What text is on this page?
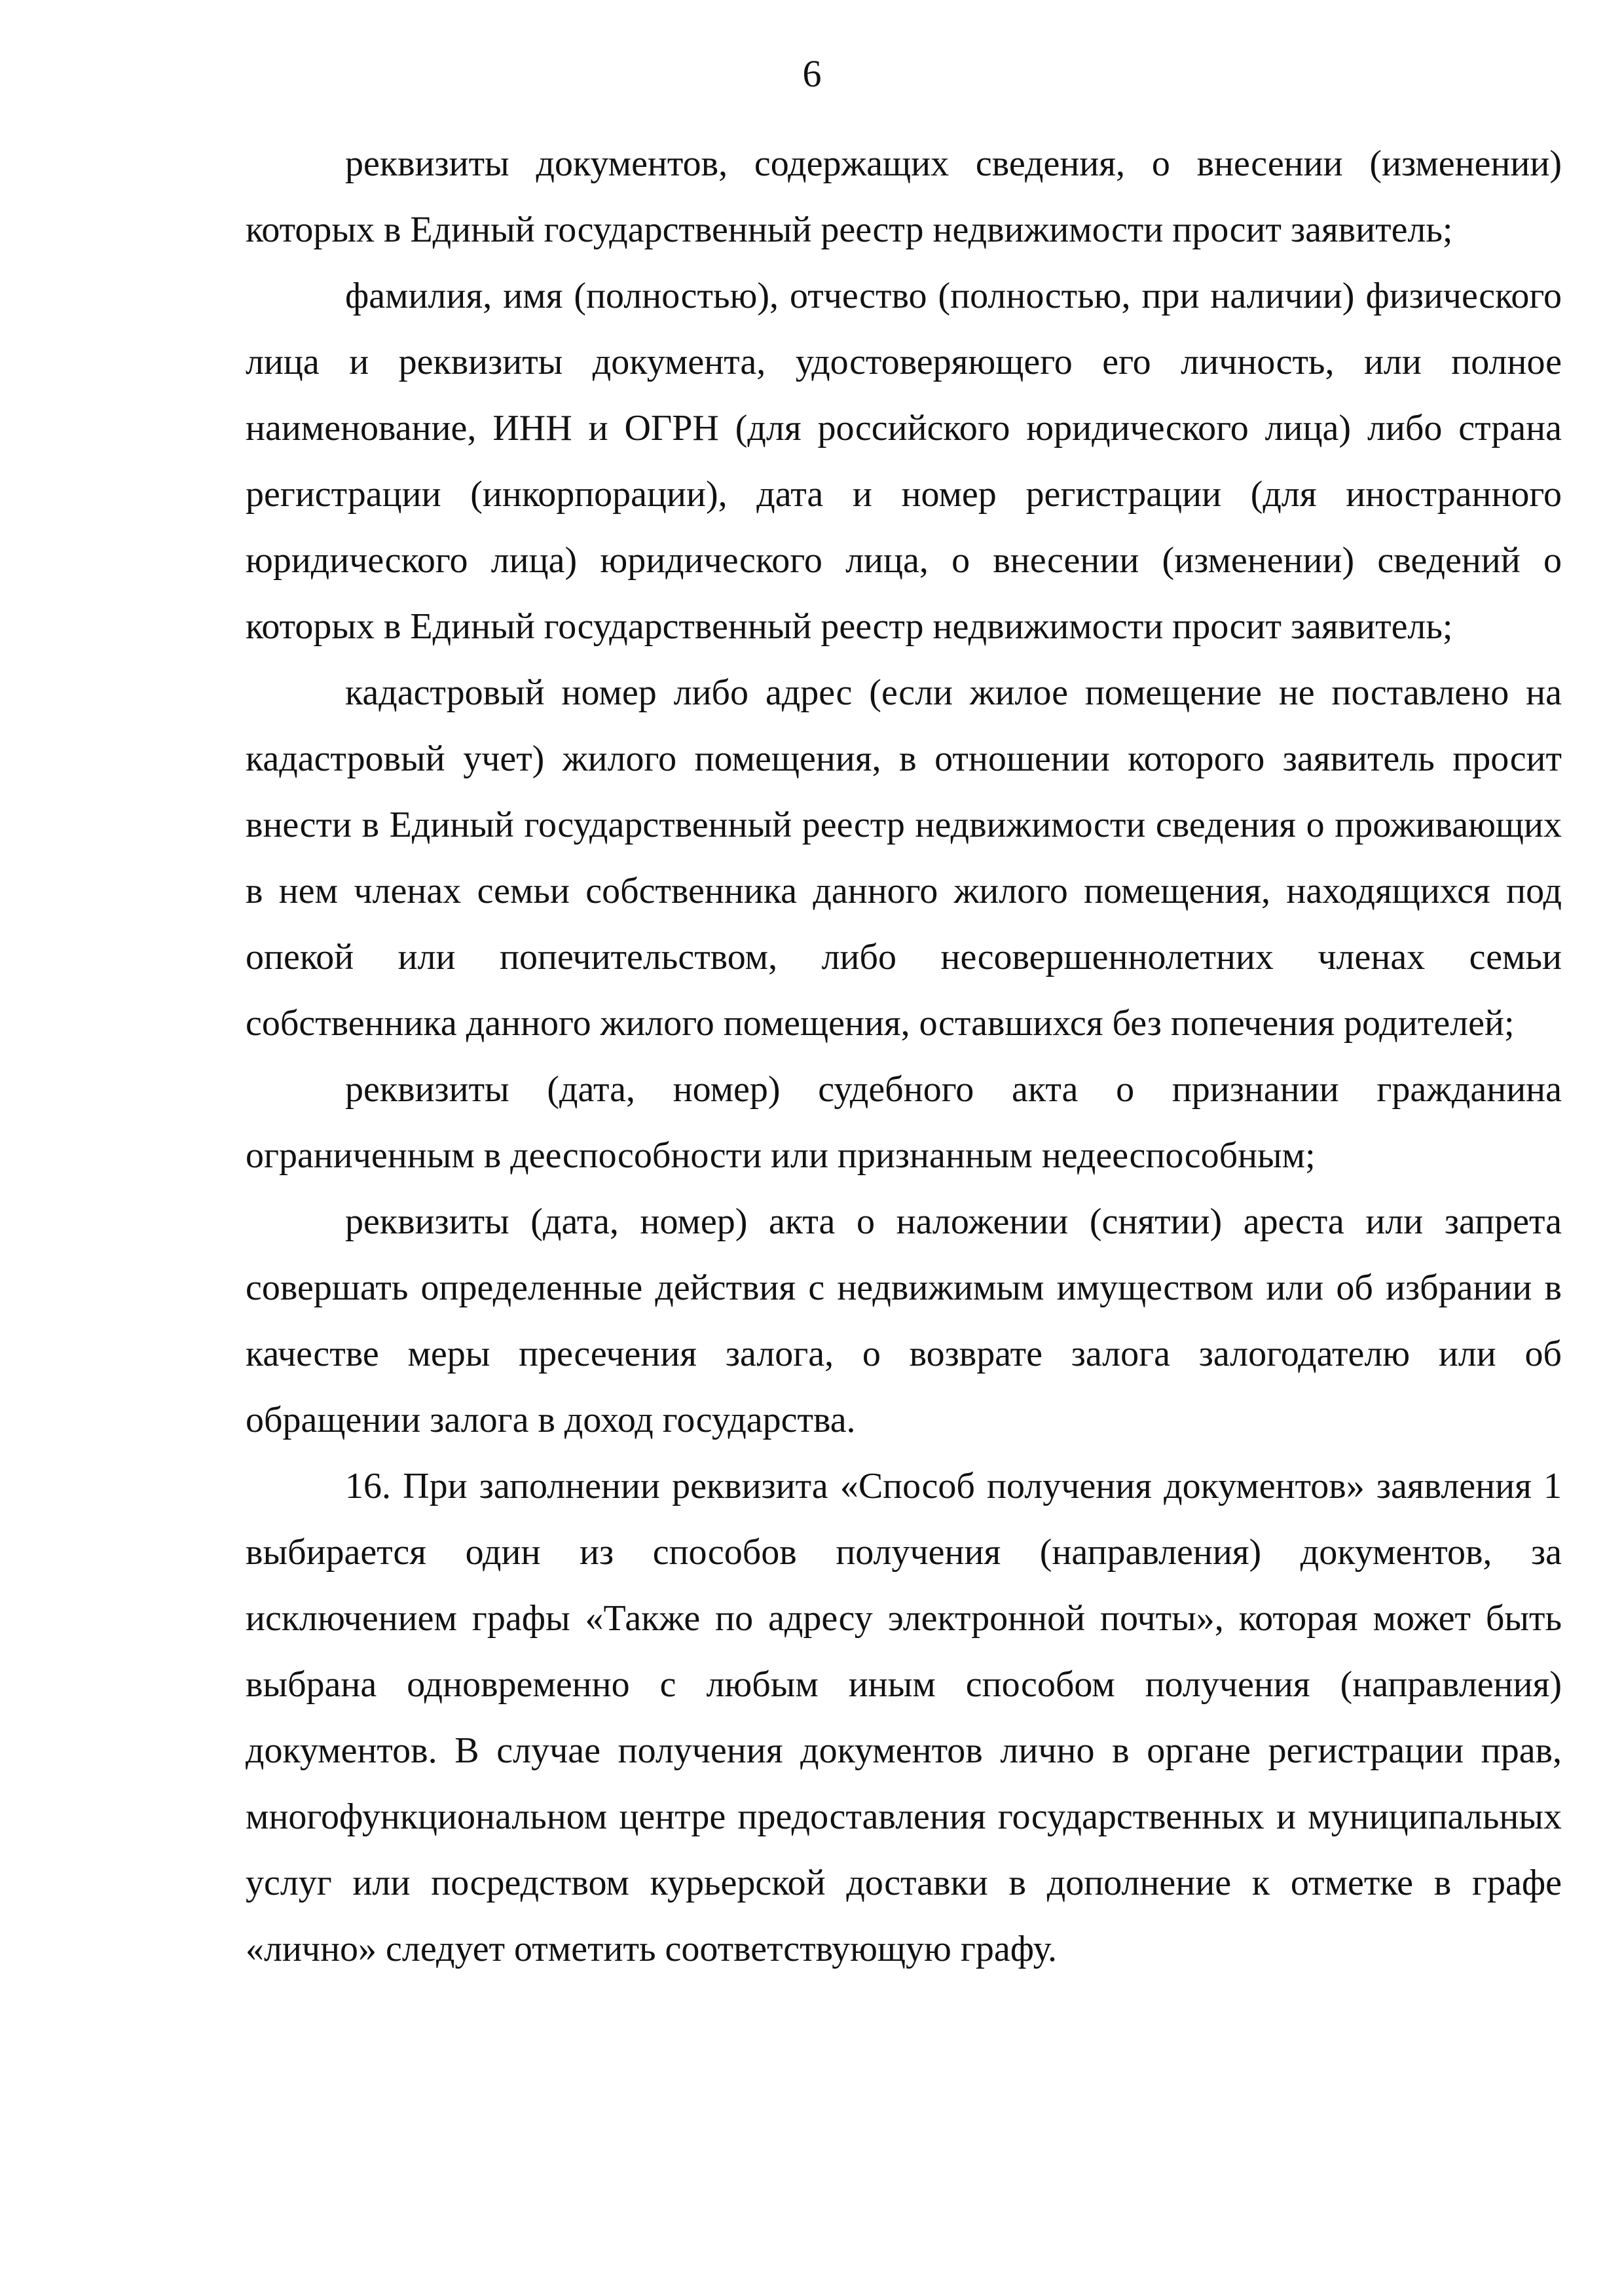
6

реквизиты документов, содержащих сведения, о внесении (изменении) которых в Единый государственный реестр недвижимости просит заявитель;

фамилия, имя (полностью), отчество (полностью, при наличии) физического лица и реквизиты документа, удостоверяющего его личность, или полное наименование, ИНН и ОГРН (для российского юридического лица) либо страна регистрации (инкорпорации), дата и номер регистрации (для иностранного юридического лица) юридического лица, о внесении (изменении) сведений о которых в Единый государственный реестр недвижимости просит заявитель;

кадастровый номер либо адрес (если жилое помещение не поставлено на кадастровый учет) жилого помещения, в отношении которого заявитель просит внести в Единый государственный реестр недвижимости сведения о проживающих в нем членах семьи собственника данного жилого помещения, находящихся под опекой или попечительством, либо несовершеннолетних членах семьи собственника данного жилого помещения, оставшихся без попечения родителей;

реквизиты (дата, номер) судебного акта о признании гражданина ограниченным в дееспособности или признанным недееспособным;

реквизиты (дата, номер) акта о наложении (снятии) ареста или запрета совершать определенные действия с недвижимым имуществом или об избрании в качестве меры пресечения залога, о возврате залога залогодателю или об обращении залога в доход государства.

16. При заполнении реквизита «Способ получения документов» заявления 1 выбирается один из способов получения (направления) документов, за исключением графы «Также по адресу электронной почты», которая может быть выбрана одновременно с любым иным способом получения (направления) документов. В случае получения документов лично в органе регистрации прав, многофункциональном центре предоставления государственных и муниципальных услуг или посредством курьерской доставки в дополнение к отметке в графе «лично» следует отметить соответствующую графу.
